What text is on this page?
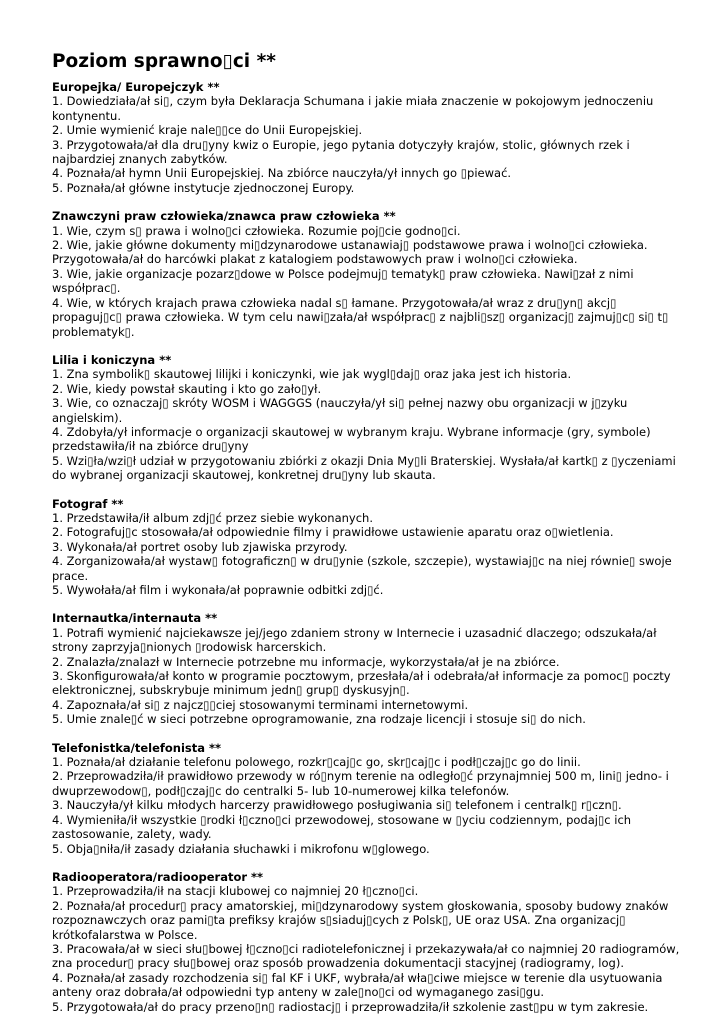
Poziom sprawno▯ci **
Europejka/ Europejczyk **

1. Dowiedziała/ał si▯, czym była Deklaracja Schumana i jakie miała znaczenie w pokojowym jednoczeniu kontynentu.

2. Umie wymienić kraje nale▯▯ce do Unii Europejskiej.

3. Przygotowała/ał dla dru▯yny kwiz o Europie, jego pytania dotyczyły krajów, stolic, głównych rzek i najbardziej znanych zabytków.

4. Poznała/ał hymn Unii Europejskiej. Na zbiórce nauczyła/ył innych go ▯piewać.

5. Poznała/ał główne instytucje zjednoczonej Europy.

Znawczyni praw człowieka/znawca praw człowieka **

1. Wie, czym s▯ prawa i wolno▯ci człowieka. Rozumie poj▯cie godno▯ci.

2. Wie, jakie główne dokumenty mi▯dzynarodowe ustanawiaj▯ podstawowe prawa i wolno▯ci człowieka. Przygotowała/ał do harcówki plakat z katalogiem podstawowych praw i wolno▯ci człowieka.

3. Wie, jakie organizacje pozarz▯dowe w Polsce podejmuj▯ tematyk▯ praw człowieka. Nawi▯zał z nimi współprac▯.

4. Wie, w których krajach prawa człowieka nadal s▯ łamane. Przygotowała/ał wraz z dru▯yn▯ akcj▯ propaguj▯c▯ prawa człowieka. W tym celu nawi▯zała/ał współprac▯ z najbli▯sz▯ organizacj▯ zajmuj▯c▯ si▯ t▯ problematyk▯.

Lilia i koniczyna **

1. Zna symbolik▯ skautowej lilijki i koniczynki, wie jak wygl▯daj▯ oraz jaka jest ich historia.

2. Wie, kiedy powstał skauting i kto go zało▯ył.

3. Wie, co oznaczaj▯ skróty WOSM i WAGGGS (nauczyła/ył si▯ pełnej nazwy obu organizacji w j▯zyku angielskim).

4. Zdobyła/ył informacje o organizacji skautowej w wybranym kraju. Wybrane informacje (gry, symbole) przedstawiła/ił na zbiórce dru▯yny

5. Wzi▯ła/wzi▯ł udział w przygotowaniu zbiórki z okazji Dnia My▯li Braterskiej. Wysłała/ał kartk▯ z ▯yczeniami do wybranej organizacji skautowej, konkretnej dru▯yny lub skauta.

Fotograf **

1. Przedstawiła/ił album zdj▯ć przez siebie wykonanych.

2. Fotografuj▯c stosowała/ał odpowiednie filmy i prawidłowe ustawienie aparatu oraz o▯wietlenia.

3. Wykonała/ał portret osoby lub zjawiska przyrody.

4. Zorganizowała/ał wystaw▯ fotograficzn▯ w dru▯ynie (szkole, szczepie), wystawiaj▯c na niej równie▯ swoje prace.

5. Wywołała/ał film i wykonała/ał poprawnie odbitki zdj▯ć.

Internautka/internauta **

1. Potrafi wymienić najciekawsze jej/jego zdaniem strony w Internecie i uzasadnić dlaczego; odszukała/ał strony zaprzyja▯nionych ▯rodowisk harcerskich.

2. Znalazła/znalazł w Internecie potrzebne mu informacje, wykorzystała/ał je na zbiórce.

3. Skonfigurowała/ał konto w programie pocztowym, przesłała/ał i odebrała/ał informacje za pomoc▯ poczty elektronicznej, subskrybuje minimum jedn▯ grup▯ dyskusyjn▯.

4. Zapoznała/ał si▯ z najcz▯▯ciej stosowanymi terminami internetowymi.

5. Umie znale▯ć w sieci potrzebne oprogramowanie, zna rodzaje licencji i stosuje si▯ do nich.

Telefonistka/telefonista **

1. Poznała/ał działanie telefonu polowego, rozkr▯caj▯c go, skr▯caj▯c i podł▯czaj▯c go do linii.

2. Przeprowadziła/ił prawidłowo przewody w ró▯nym terenie na odległo▯ć przynajmniej 500 m, lini▯ jedno- i dwuprzewodow▯, podł▯czaj▯c do centralki 5- lub 10-numerowej kilka telefonów.

3. Nauczyła/ył kilku młodych harcerzy prawidłowego posługiwania si▯ telefonem i centralk▯ r▯czn▯.

4. Wymieniła/ił wszystkie ▯rodki ł▯czno▯ci przewodowej, stosowane w ▯yciu codziennym, podaj▯c ich zastosowanie, zalety, wady.

5. Obja▯niła/ił zasady działania słuchawki i mikrofonu w▯glowego.

Radiooperatora/radiooperator **

1. Przeprowadziła/ił na stacji klubowej co najmniej 20 ł▯czno▯ci.

2. Poznała/ał procedur▯ pracy amatorskiej, mi▯dzynarodowy system głoskowania, sposoby budowy znaków rozpoznawczych oraz pami▯ta prefiksy krajów s▯siaduj▯cych z Polsk▯, UE oraz USA. Zna organizacj▯ krótkofalarstwa w Polsce.

3. Pracowała/ał w sieci słu▯bowej ł▯czno▯ci radiotelefonicznej i przekazywała/ał co najmniej 20 radiogramów, zna procedur▯ pracy słu▯bowej oraz sposób prowadzenia dokumentacji stacyjnej (radiogramy, log).

4. Poznała/ał zasady rozchodzenia si▯ fal KF i UKF, wybrała/ał wła▯ciwe miejsce w terenie dla usytuowania anteny oraz dobrała/ał odpowiedni typ anteny w zale▯no▯ci od wymaganego zasi▯gu.

5. Przygotowała/ał do pracy przeno▯n▯ radiostacj▯ i przeprowadziła/ił szkolenie zast▯pu w tym zakresie.
